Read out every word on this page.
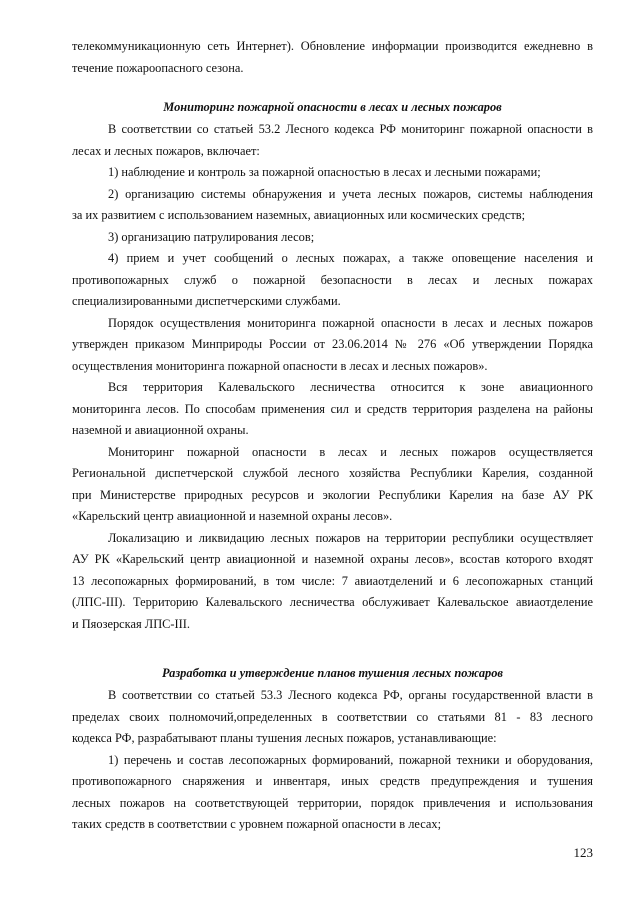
телекоммуникационную сеть Интернет). Обновление информации производится ежедневно в

течение пожароопасного сезона.

Мониторинг пожарной опасности в лесах и лесных пожаров

В соответствии со статьей 53.2 Лесного кодекса РФ мониторинг пожарной опасности в

лесах и лесных пожаров, включает:

1) наблюдение и контроль за пожарной опасностью в лесах и лесными пожарами;

2) организацию системы обнаружения и учета лесных пожаров, системы наблюдения

за их развитием с использованием наземных, авиационных или космических средств;

3) организацию патрулирования лесов;

4) прием и учет сообщений о лесных пожарах, а также оповещение населения и

противопожарных служб о пожарной безопасности в лесах и лесных пожарах

специализированными диспетчерскими службами.

Порядок осуществления мониторинга пожарной опасности в лесах и лесных пожаров

утвержден приказом Минприроды России от 23.06.2014 № 276 «Об утверждении Порядка

осуществления мониторинга пожарной опасности в лесах и лесных пожаров».

Вся территория Калевальского лесничества относится к зоне авиационного

мониторинга лесов. По способам применения сил и средств территория разделена на районы

наземной и авиационной охраны.

Мониторинг пожарной опасности в лесах и лесных пожаров осуществляется

Региональной диспетчерской службой лесного хозяйства Республики Карелия, созданной

при Министерстве природных ресурсов и экологии Республики Карелия на базе АУ РК

«Карельский центр авиационной и наземной охраны лесов».

Локализацию и ликвидацию лесных пожаров на территории республики осуществляет

АУ РК «Карельский центр авиационной и наземной охраны лесов», всостав которого входят

13 лесопожарных формирований, в том числе: 7 авиаотделений и 6 лесопожарных станций

(ЛПС-III). Территорию Калевальского лесничества обслуживает Калевальское авиаотделение

и Пяозерская ЛПС-III.

Разработка и утверждение планов тушения лесных пожаров

В соответствии со статьей 53.3 Лесного кодекса РФ, органы государственной власти в

пределах своих полномочий,определенных в соответствии со статьями 81 - 83 лесного

кодекса РФ, разрабатывают планы тушения лесных пожаров, устанавливающие:

1) перечень и состав лесопожарных формирований, пожарной техники и оборудования,

противопожарного снаряжения и инвентаря, иных средств предупреждения и тушения

лесных пожаров на соответствующей территории, порядок привлечения и использования

таких средств в соответствии с уровнем пожарной опасности в лесах;

123
